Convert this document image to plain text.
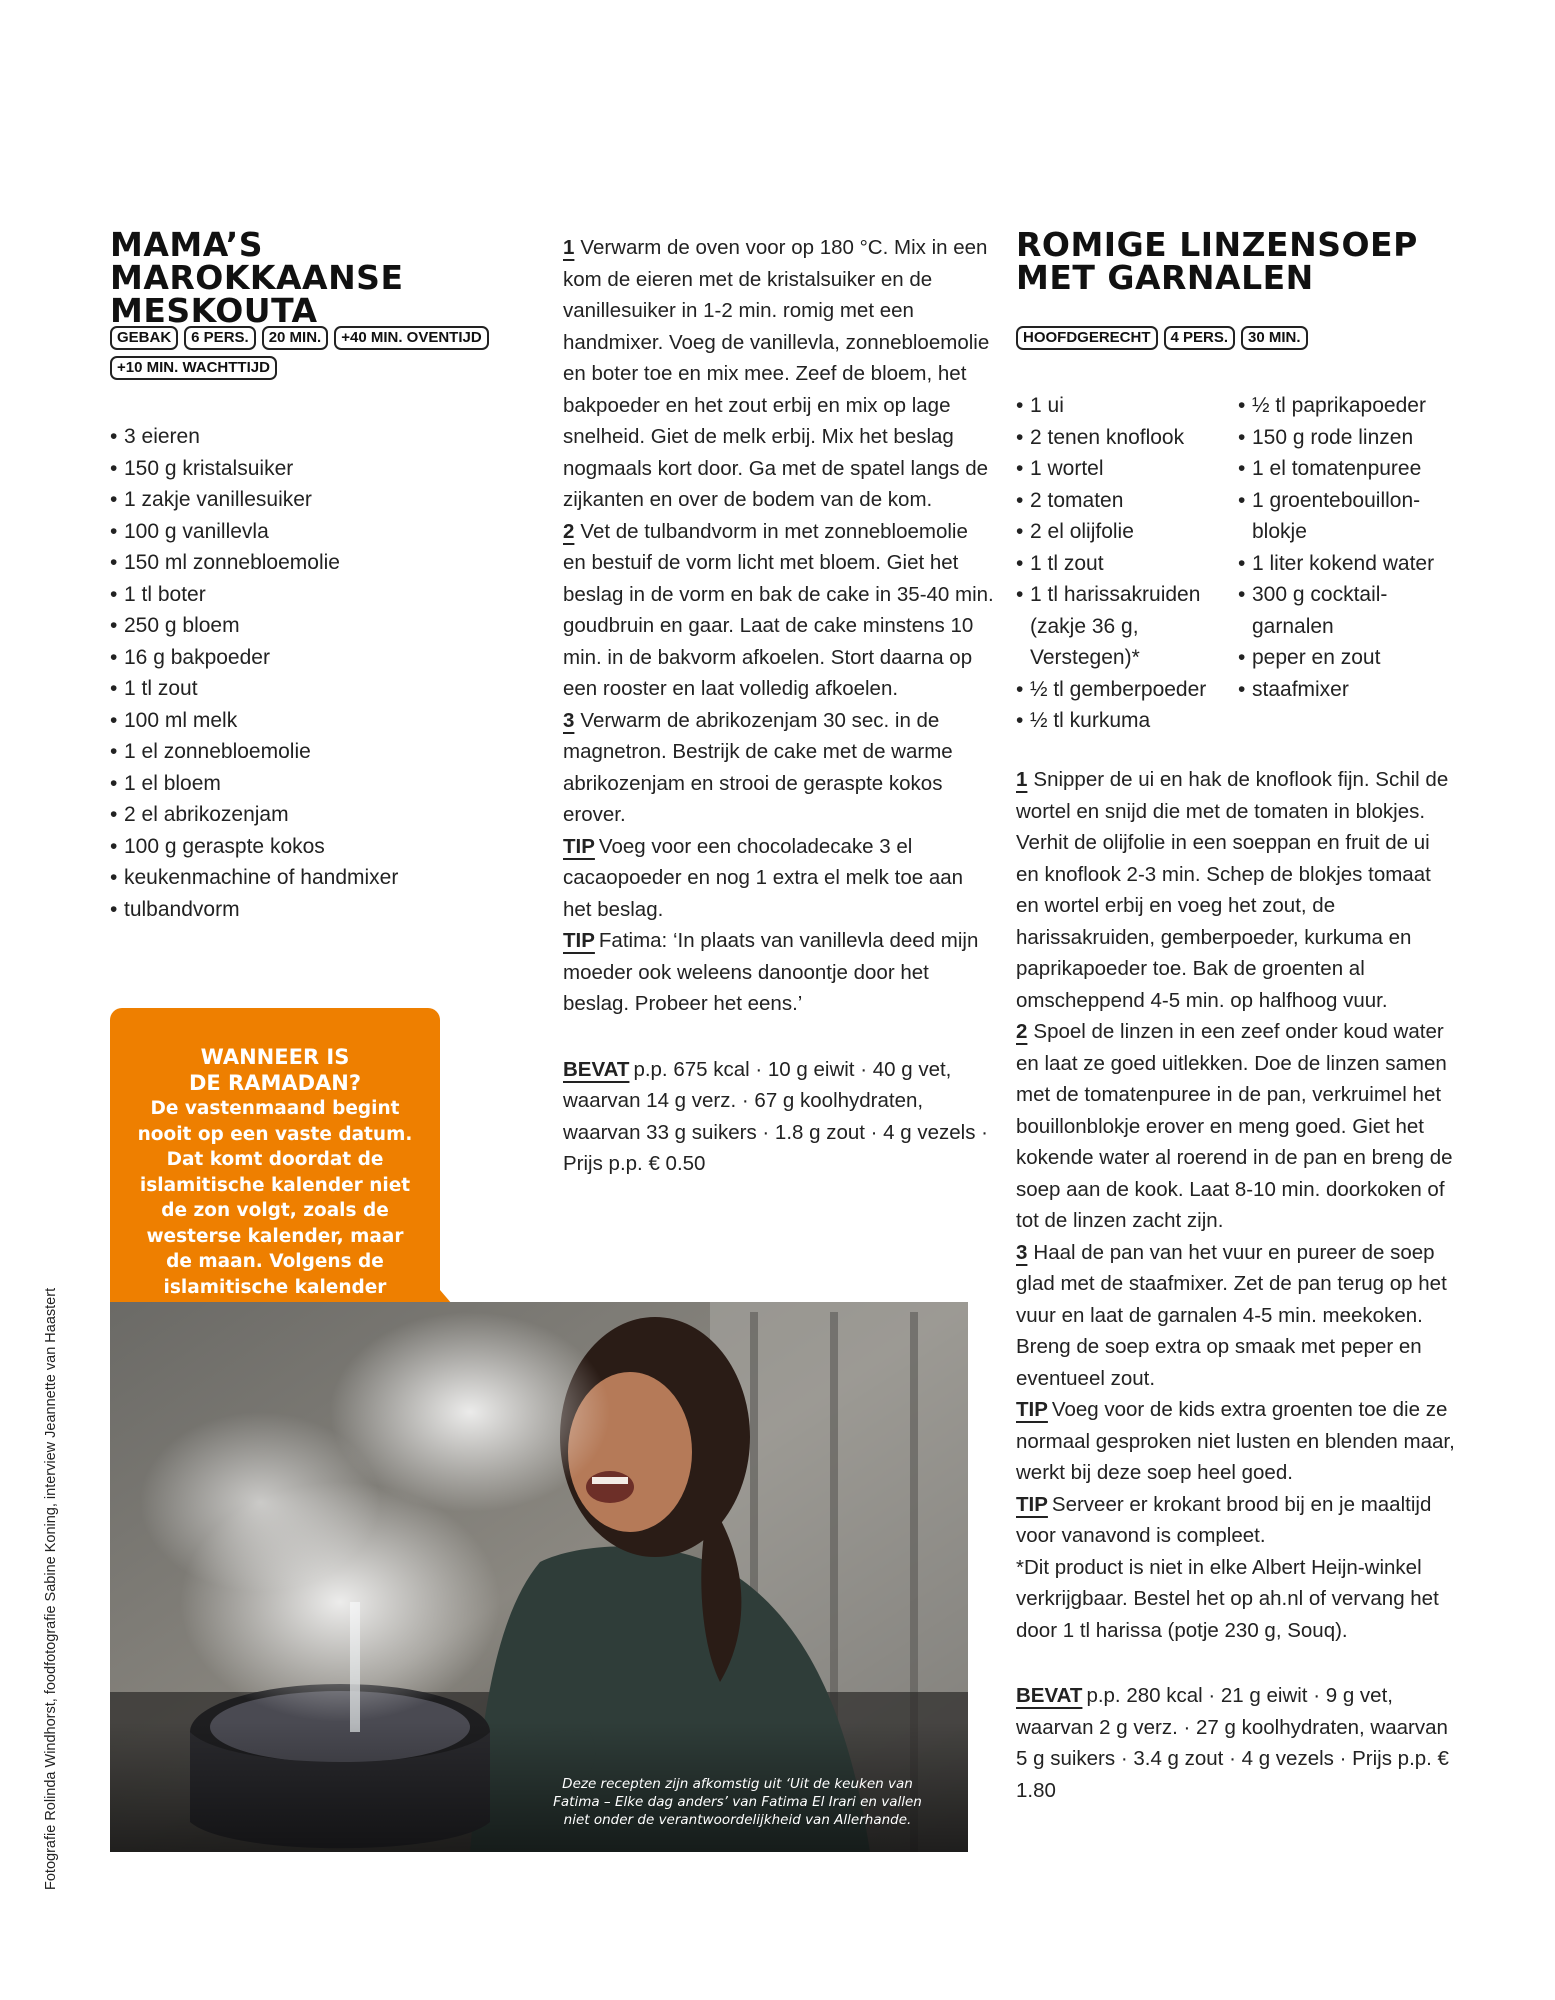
MAMA’S MAROKKAANSE
MESKOUTA
GEBAK	6 PERS.	20 MIN.	+40 MIN. OVENTIJD
+10 MIN. WACHTTIJD
• 3 eieren
• 150 g kristalsuiker
• 1 zakje vanillesuiker
• 100 g vanillevla
• 150 ml zonnebloemolie
• 1 tl boter
• 250 g bloem
• 16 g bakpoeder
• 1 tl zout
• 100 ml melk
• 1 el zonnebloemolie
• 1 el bloem
• 2 el abrikozenjam
• 100 g geraspte kokos
• keukenmachine of handmixer
• tulbandvorm
WANNEER IS
DE RAMADAN?
De vastenmaand begint nooit op een vaste datum. Dat komt doordat de islamitische kalender niet de zon volgt, zoals de westerse kalender, maar de maan. Volgens de islamitische kalender
Deze recepten zijn afkomstig uit ‘Uit de keuken van Fatima – Elke dag anders’ van Fatima El Irari en vallen niet onder de verantwoordelijkheid van Allerhande.
Fotografie Rolinda Windhorst, foodfotografie Sabine Koning, interview Jeannette van Haastert

1 Verwarm de oven voor op 180 °C. Mix in een kom de eieren met de kristalsuiker en de vanillesuiker in 1-2 min. romig met een handmixer. Voeg de vanillevla, zonnebloemolie en boter toe en mix mee. Zeef de bloem, het bakpoeder en het zout erbij en mix op lage snelheid. Giet de melk erbij. Mix het beslag nogmaals kort door. Ga met de spatel langs de zijkanten en over de bodem van de kom.

2 Vet de tulbandvorm in met zonnebloemolie en bestuif de vorm licht met bloem. Giet het beslag in de vorm en bak de cake in 35-40 min. goudbruin en gaar. Laat de cake minstens 10 min. in de bakvorm afkoelen. Stort daarna op een rooster en laat volledig afkoelen.

3 Verwarm de abrikozenjam 30 sec. in de magnetron. Bestrijk de cake met de warme abrikozenjam en strooi de geraspte kokos erover.

TIP Voeg voor een chocoladecake 3 el cacaopoeder en nog 1 extra el melk toe aan het beslag.

TIP Fatima: ‘In plaats van vanillevla deed mijn moeder ook weleens danoontje door het beslag. Probeer het eens.’

BEVAT p.p. 675 kcal · 10 g eiwit · 40 g vet, waarvan 14 g verz. · 67 g koolhydraten, waarvan 33 g suikers · 1.8 g zout · 4 g vezels · Prijs p.p. € 0.50

ROMIGE LINZENSOEP
MET GARNALEN
HOOFDGERECHT	4 PERS.	30 MIN.
• 1 ui
• 2 tenen knoflook
• 1 wortel
• 2 tomaten
• 2 el olijfolie
• 1 tl zout
• 1 tl harissakruiden (zakje 36 g, Verstegen)*
• ½ tl gemberpoeder
• ½ tl kurkuma
• ½ tl paprikapoeder
• 150 g rode linzen
• 1 el tomatenpuree
• 1 groentebouillon-blokje
• 1 liter kokend water
• 300 g cocktail-garnalen
• peper en zout
• staafmixer

1 Snipper de ui en hak de knoflook fijn. Schil de wortel en snijd die met de tomaten in blokjes. Verhit de olijfolie in een soeppan en fruit de ui en knoflook 2-3 min. Schep de blokjes tomaat en wortel erbij en voeg het zout, de harissakruiden, gemberpoeder, kurkuma en paprikapoeder toe. Bak de groenten al omscheppend 4-5 min. op halfhoog vuur.

2 Spoel de linzen in een zeef onder koud water en laat ze goed uitlekken. Doe de linzen samen met de tomatenpuree in de pan, verkruimel het bouillonblokje erover en meng goed. Giet het kokende water al roerend in de pan en breng de soep aan de kook. Laat 8-10 min. doorkoken of tot de linzen zacht zijn.

3 Haal de pan van het vuur en pureer de soep glad met de staafmixer. Zet de pan terug op het vuur en laat de garnalen 4-5 min. meekoken. Breng de soep extra op smaak met peper en eventueel zout.

TIP Voeg voor de kids extra groenten toe die ze normaal gesproken niet lusten en blenden maar, werkt bij deze soep heel goed.

TIP Serveer er krokant brood bij en je maaltijd voor vanavond is compleet.

*Dit product is niet in elke Albert Heijn-winkel verkrijgbaar. Bestel het op ah.nl of vervang het door 1 tl harissa (potje 230 g, Souq).

BEVAT p.p. 280 kcal · 21 g eiwit · 9 g vet, waarvan 2 g verz. · 27 g koolhydraten, waarvan 5 g suikers · 3.4 g zout · 4 g vezels · Prijs p.p. € 1.80
